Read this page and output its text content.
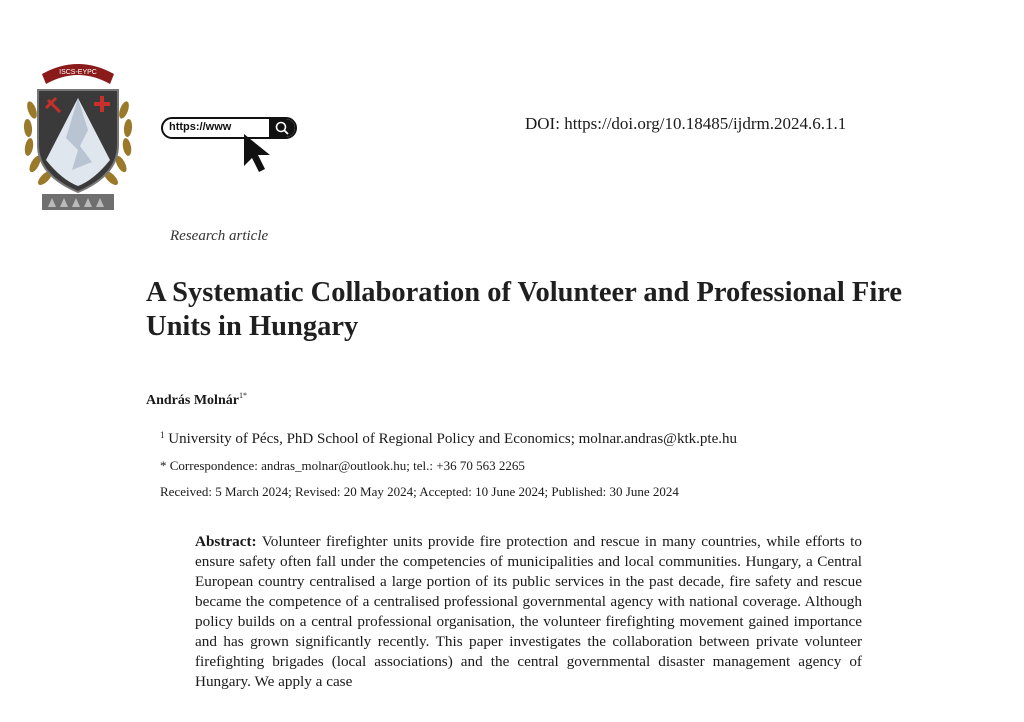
ISCS-EYPC
https://www	DOI: https://doi.org/10.18485/ijdrm.2024.6.1.1
Research article
A Systematic Collaboration of Volunteer and Professional Fire Units in Hungary
András Molnár$^{1*}$
$^1$ University of Pécs, PhD School of Regional Policy and Economics; molnar.andras@ktk.pte.hu
* Correspondence: andras_molnar@outlook.hu; tel.: +36 70 563 2265
Received: 5 March 2024; Revised: 20 May 2024; Accepted: 10 June 2024; Published: 30 June 2024

Abstract: Volunteer firefighter units provide fire protection and rescue in many countries, while efforts to ensure safety often fall under the competencies of municipalities and local communities. Hungary, a Central European country centralised a large portion of its public services in the past decade, fire safety and rescue became the competence of a centralised professional governmental agency with national coverage. Although policy builds on a central professional organisation, the volunteer firefighting movement gained importance and has grown significantly recently. This paper investigates the collaboration between private volunteer firefighting brigades (local associations) and the central governmental disaster management agency of Hungary. We apply a case
